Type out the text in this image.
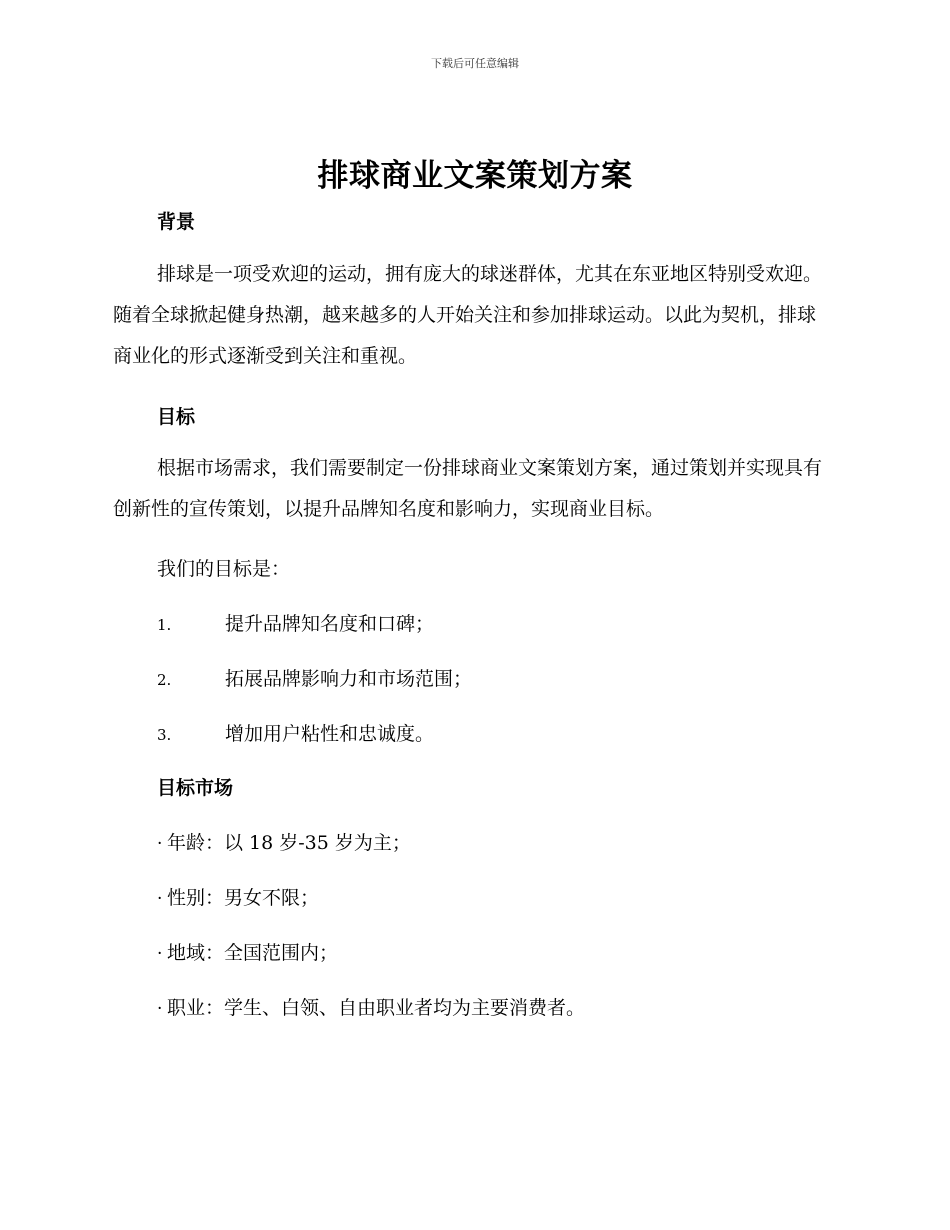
下载后可任意编辑
排球商业文案策划方案
背景

排球是一项受欢迎的运动，拥有庞大的球迷群体，尤其在东亚地区特别受欢迎。随着全球掀起健身热潮，越来越多的人开始关注和参加排球运动。以此为契机，排球商业化的形式逐渐受到关注和重视。

目标

根据市场需求，我们需要制定一份排球商业文案策划方案，通过策划并实现具有创新性的宣传策划，以提升品牌知名度和影响力，实现商业目标。

我们的目标是：

1.	提升品牌知名度和口碑；
2.	拓展品牌影响力和市场范围；
3.	增加用户粘性和忠诚度。
目标市场
· 年龄：以 18 岁-35 岁为主；
· 性别：男女不限；
· 地域：全国范围内；
· 职业：学生、白领、自由职业者均为主要消费者。
